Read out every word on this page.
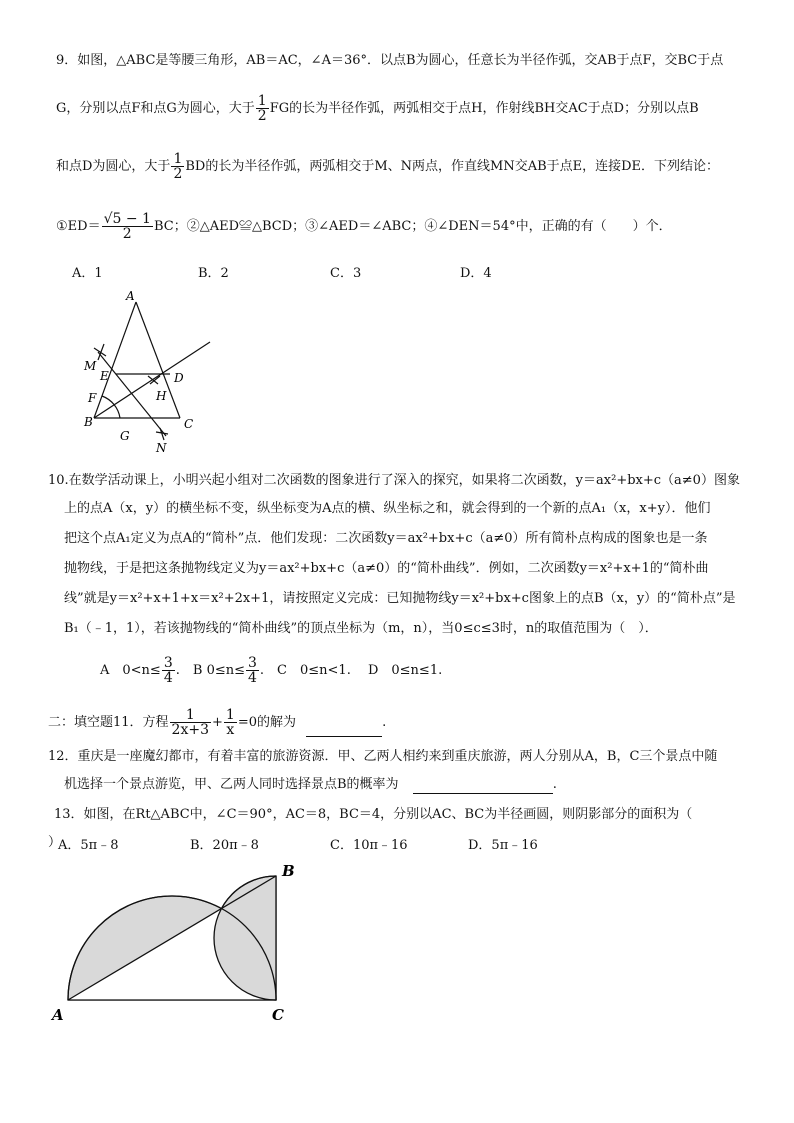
9．如图，△ABC是等腰三角形，AB＝AC，∠A＝36°．以点B为圆心，任意长为半径作弧，交AB于点F，交BC于点
G，分别以点F和点G为圆心，大于 $\frac{1}{2}$ FG的长为半径作弧，两弧相交于点H，作射线BH交AC于点D；分别以点B
和点D为圆心，大于 $\frac{1}{2}$ BD的长为半径作弧，两弧相交于M、N两点，作直线MN交AB于点E，连接DE．下列结论：
①ED＝ $\frac{√5 - 1}{2}$ BC；②△AED≌△BCD；③∠AED＝∠ABC；④∠DEN＝54°中，正确的有（　　）个．
A．1	B．2	C．3	D．4
A
M
E	D
H
F
B
G
C
N
10.在数学活动课上，小明兴起小组对二次函数的图象进行了深入的探究，如果将二次函数，y＝ax²+bx+c（a≠0）图象
上的点A（x，y）的横坐标不变，纵坐标变为A点的横、纵坐标之和，就会得到的一个新的点A₁（x，x+y）．他们
把这个点A₁定义为点A的“简朴”点．他们发现：二次函数y＝ax²+bx+c（a≠0）所有简朴点构成的图象也是一条
抛物线，于是把这条抛物线定义为y＝ax²+bx+c（a≠0）的“简朴曲线”．例如，二次函数y＝x²+x+1的“简朴曲
线”就是y＝x²+x+1+x＝x²+2x+1，请按照定义完成：已知抛物线y＝x²+bx+c图象上的点B（x，y）的“简朴点”是
B₁（﹣1，1），若该抛物线的“简朴曲线”的顶点坐标为（m，n），当0≤c≤3时，n的取值范围为（　）．
A　$0<n\le \frac{3}{4}$ .　B $0\le n\le \frac{3}{4}$ .　C　0≤n<1.　 D　0≤n≤1.
二：填空题11．方程 $\frac{1}{2x+3} + \frac{1}{x} =0$的解为	.
12．重庆是一座魔幻都市，有着丰富的旅游资源．甲、乙两人相约来到重庆旅游，两人分别从A，B，C三个景点中随
机选择一个景点游览，甲、乙两人同时选择景点B的概率为	.
13．如图，在Rt△ABC中，∠C＝90°，AC＝8，BC＝4，分别以AC、BC为半径画圆，则阴影部分的面积为（
）
A．5π﹣8	B．20π﹣8	C．10π﹣16	D．5π﹣16
A
B
C
